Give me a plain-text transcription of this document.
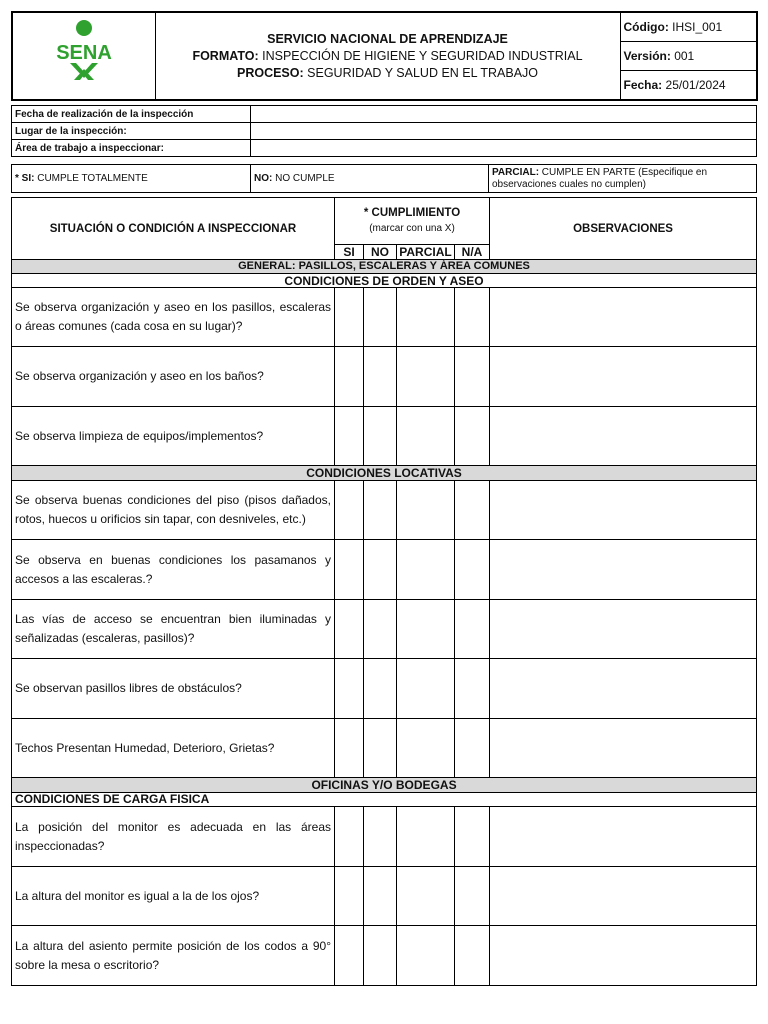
SENA

SERVICIO NACIONAL DE APRENDIZAJE
FORMATO: INSPECCIÓN DE HIGIENE Y SEGURIDAD INDUSTRIAL
PROCESO: SEGURIDAD Y SALUD EN EL TRABAJO
	Código: IHSI_001
Versión: 001
Fecha: 25/01/2024
Fecha de realización de la inspección	
Lugar de la inspección:	
Área de trabajo a inspeccionar:	
* SI: CUMPLE TOTALMENTE	NO: NO CUMPLE	PARCIAL: CUMPLE EN PARTE (Especifique en observaciones cuales no cumplen)
SITUACIÓN O CONDICIÓN A INSPECCIONAR	* CUMPLIMIENTO
(marcar con una X)				OBSERVACIONES
	SI	NO	PARCIAL	N/A	
GENERAL: PASILLOS, ESCALERAS Y ÁREA COMUNES					
CONDICIONES DE ORDEN Y ASEO					
Se observa organización y aseo en los pasillos, escaleras o áreas comunes (cada cosa en su lugar)?					
Se observa organización y aseo en los baños?					
Se observa limpieza de equipos/implementos?					
CONDICIONES LOCATIVAS					
Se observa buenas condiciones del piso (pisos dañados, rotos, huecos u orificios sin tapar, con desniveles, etc.)					
Se observa en buenas condiciones los pasamanos y accesos a las escaleras.?					
Las vías de acceso se encuentran bien iluminadas y señalizadas (escaleras, pasillos)?					
Se observan pasillos libres de obstáculos?					
Techos Presentan Humedad, Deterioro, Grietas?					
OFICINAS Y/O BODEGAS					
CONDICIONES DE CARGA FISICA					
La posición del monitor es adecuada en las áreas inspeccionadas?					
La altura del monitor es igual a la de los ojos?					
La altura del asiento permite posición de los codos a 90° sobre la mesa o escritorio?					
